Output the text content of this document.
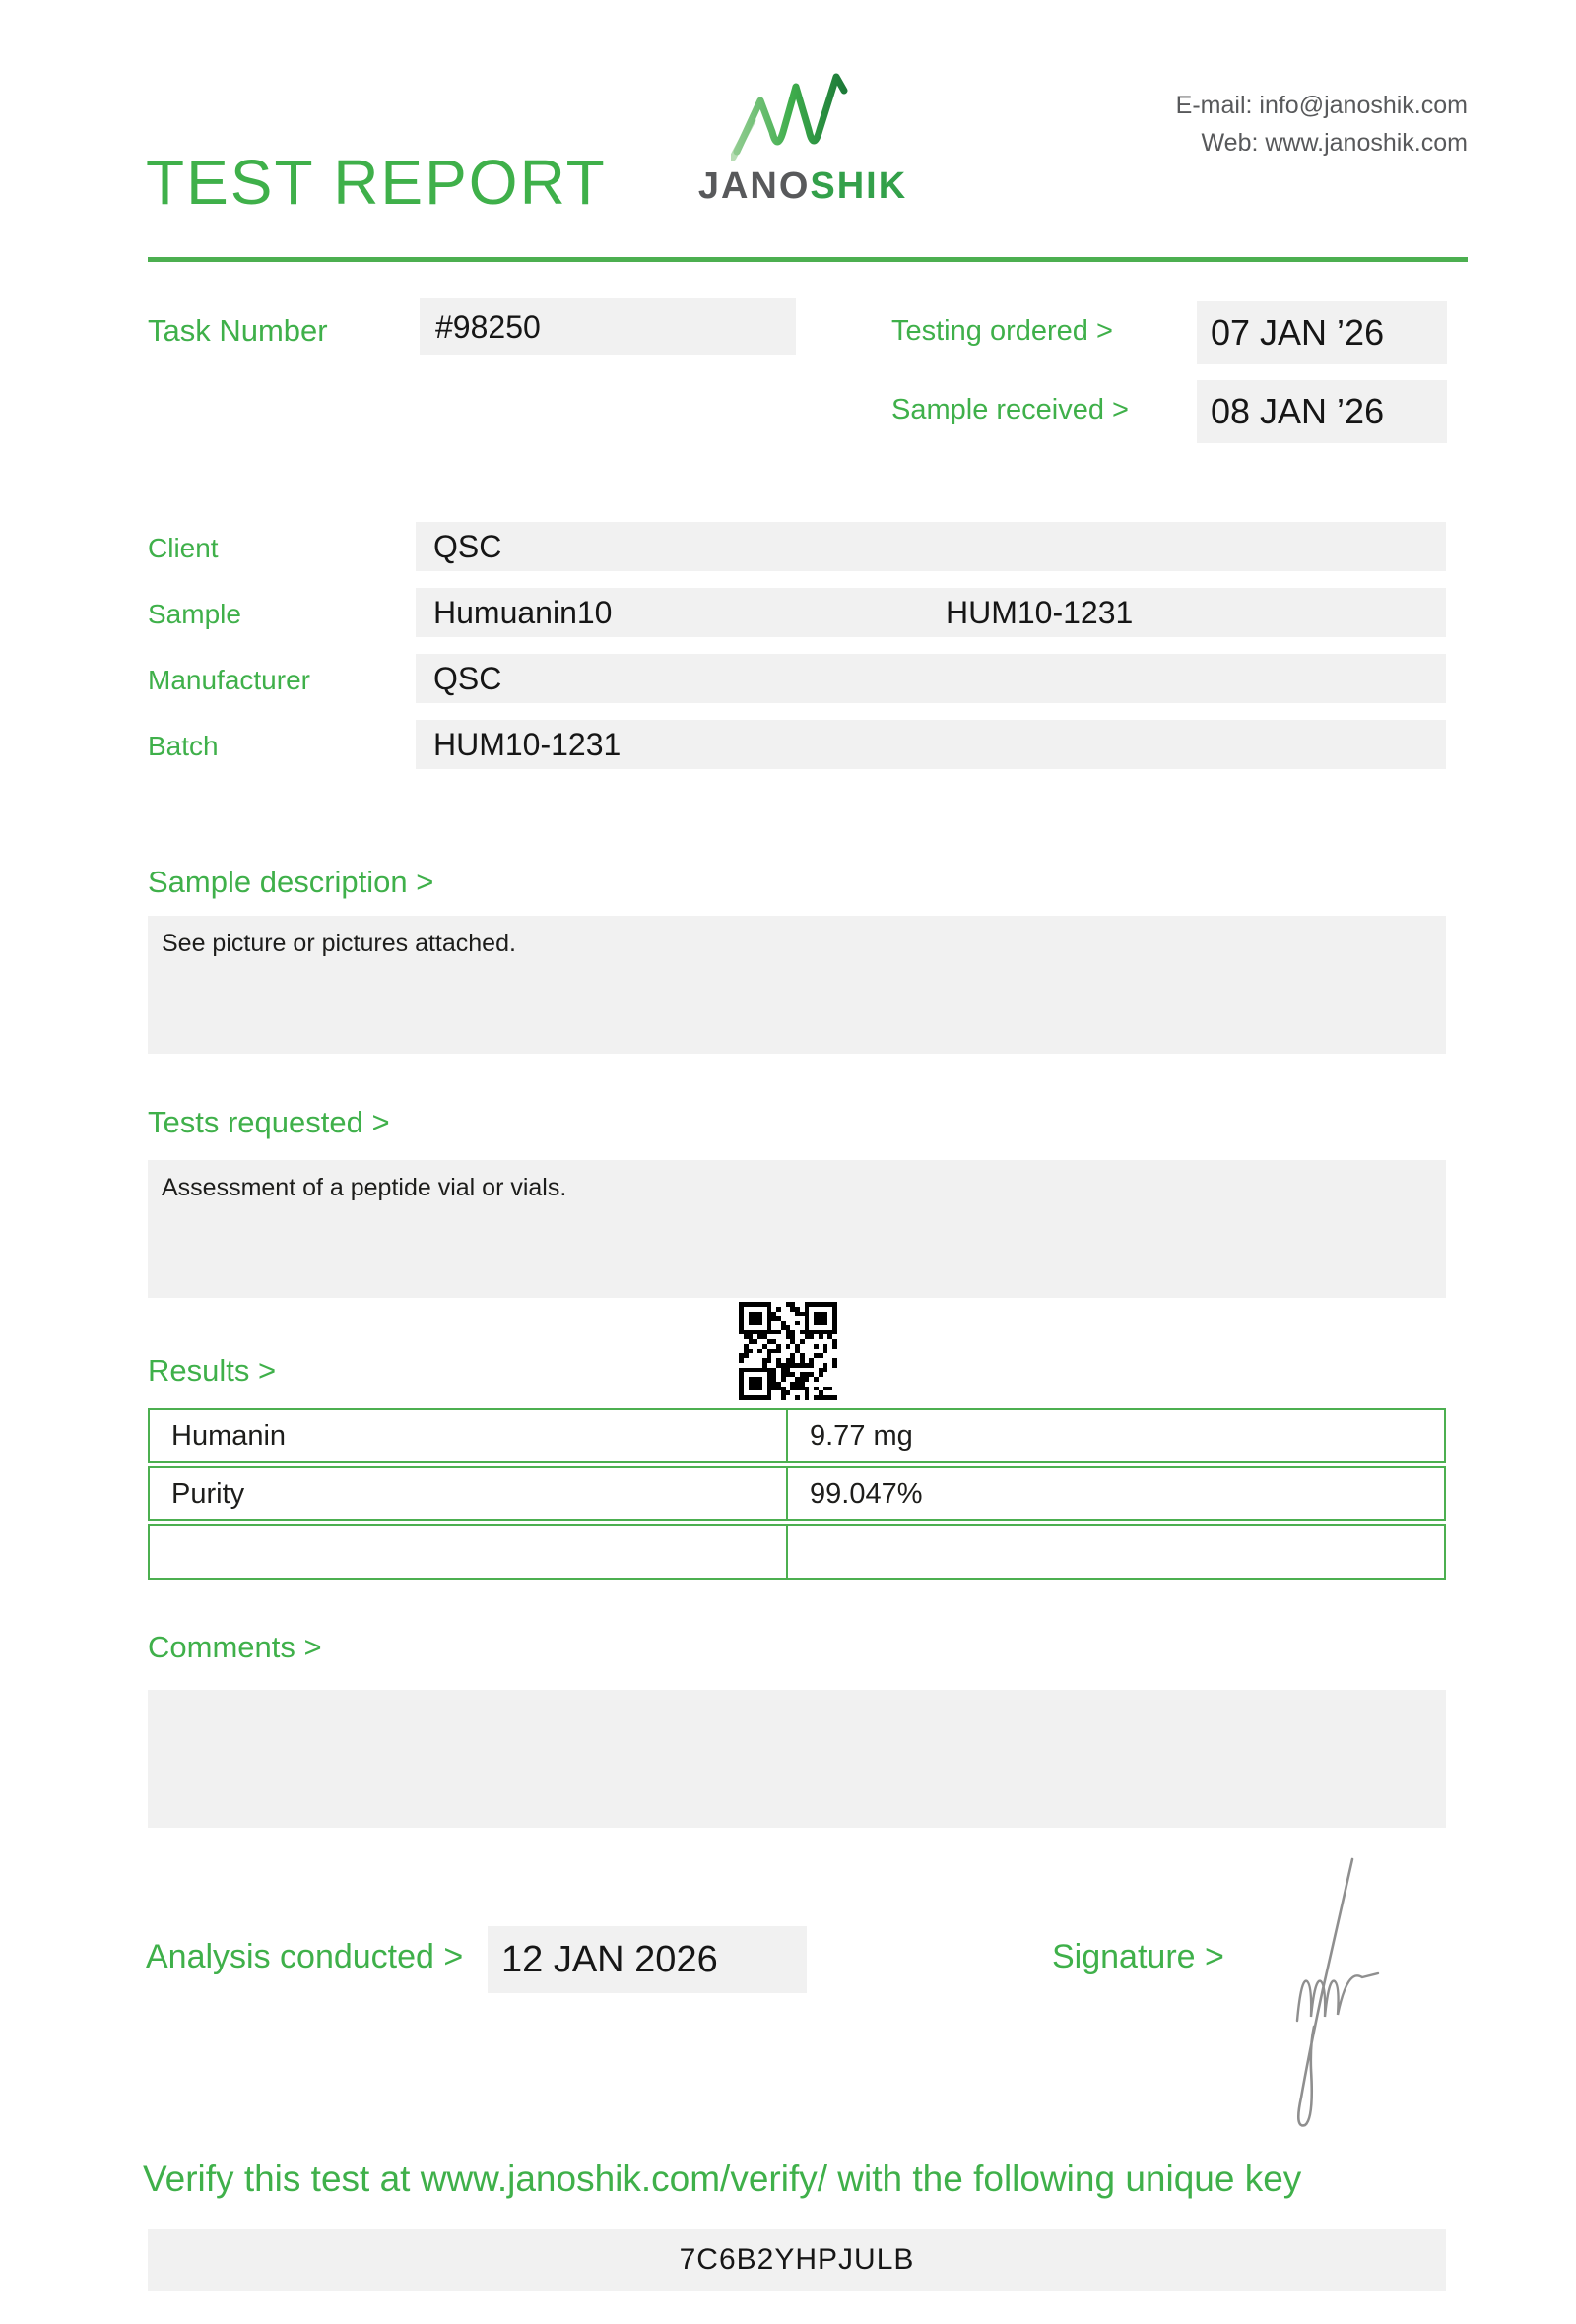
TEST REPORT	JANOSHIK
E-mail: info@janoshik.com
Web: www.janoshik.com
Task Number	#98250	Testing ordered >	07 JAN ’26
Sample received >	08 JAN ’26
Client	QSC
Sample	Humuanin10	HUM10-1231
Manufacturer	QSC
Batch	HUM10-1231
Sample description >
See picture or pictures attached.
Tests requested >
Assessment of a peptide vial or vials.
Results >
Humanin	9.77 mg
Purity	99.047%
Comments >
Analysis conducted >	12 JAN 2026	Signature >
Verify this test at www.janoshik.com/verify/ with the following unique key
7C6B2YHPJULB
